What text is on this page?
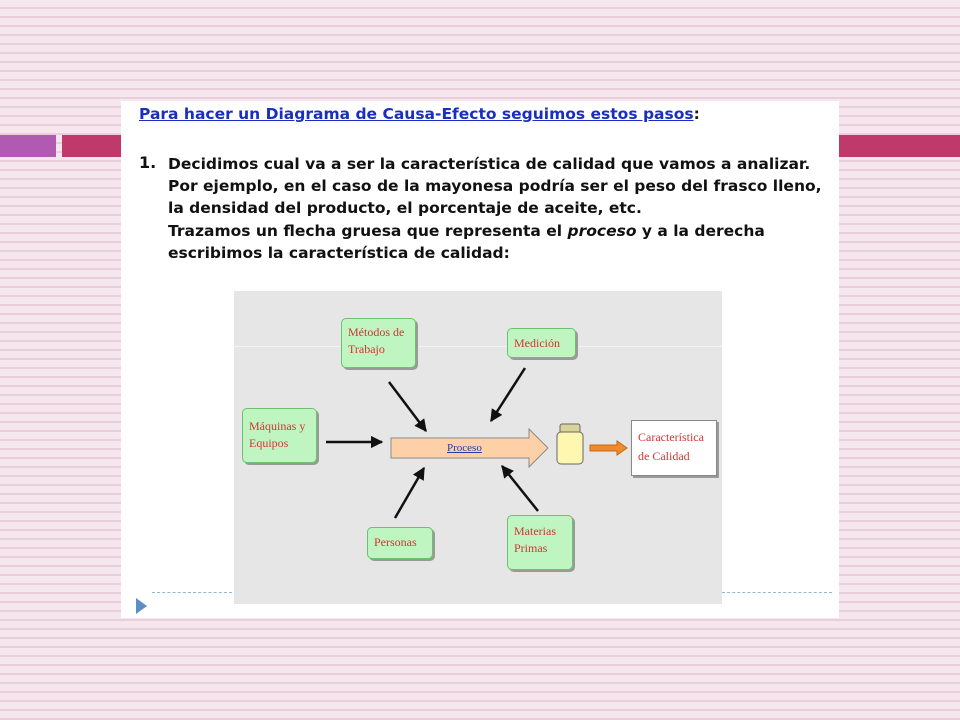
Para hacer un Diagrama de Causa-Efecto seguimos estos pasos:
1. Decidimos cual va a ser la característica de calidad que vamos a analizar.
Por ejemplo, en el caso de la mayonesa podría ser el peso del frasco lleno,
la densidad del producto, el porcentaje de aceite, etc.
Trazamos un flecha gruesa que representa el proceso y a la derecha
escribimos la característica de calidad:
Métodos de
Trabajo	Medición
Máquinas y
Equipos
Personas
Materias
Primas
Proceso
Característica
de Calidad
